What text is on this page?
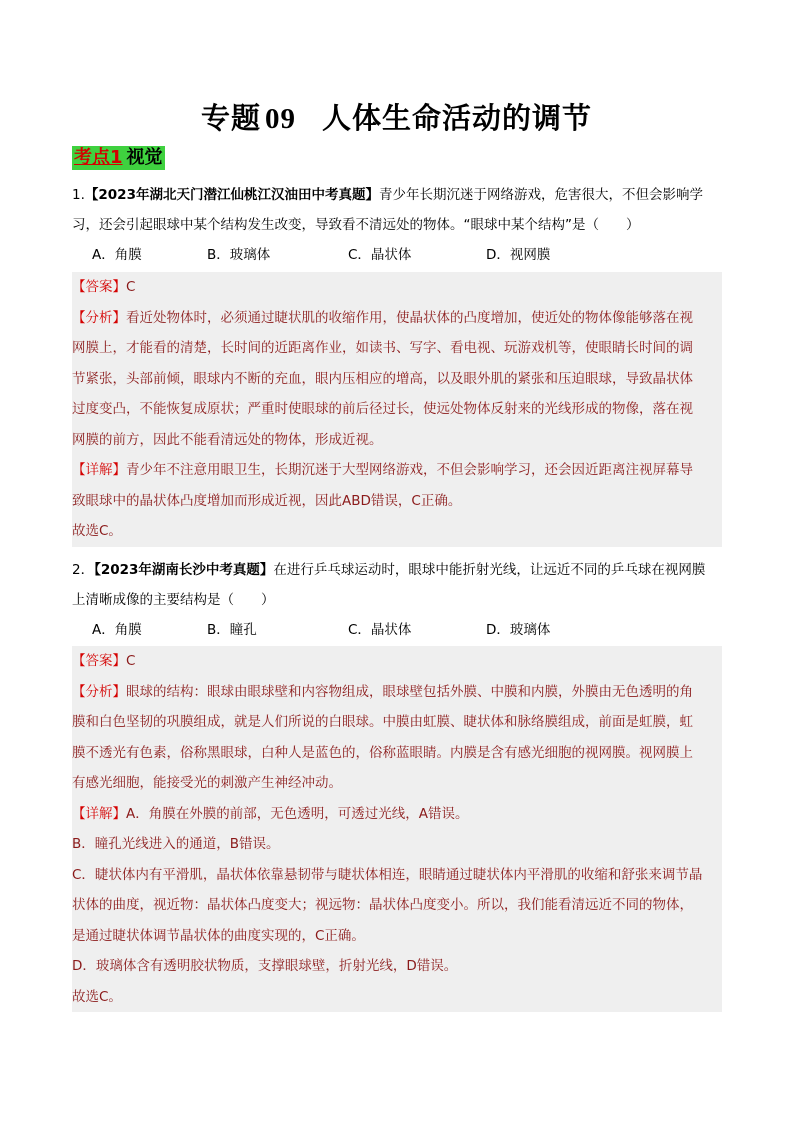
专题 09 人体生命活动的调节
考点1 视觉
1.【2023年湖北天门潜江仙桃江汉油田中考真题】青少年长期沉迷于网络游戏，危害很大，不但会影响学
习，还会引起眼球中某个结构发生改变，导致看不清远处的物体。“眼球中某个结构”是（　　）
A．角膜	B．玻璃体	C．晶状体	D．视网膜
【答案】C
【分析】看近处物体时，必须通过睫状肌的收缩作用，使晶状体的凸度增加，使近处的物体像能够落在视
网膜上，才能看的清楚，长时间的近距离作业，如读书、写字、看电视、玩游戏机等，使眼睛长时间的调
节紧张，头部前倾，眼球内不断的充血，眼内压相应的增高，以及眼外肌的紧张和压迫眼球，导致晶状体
过度变凸，不能恢复成原状；严重时使眼球的前后径过长，使远处物体反射来的光线形成的物像，落在视
网膜的前方，因此不能看清远处的物体，形成近视。
【详解】青少年不注意用眼卫生，长期沉迷于大型网络游戏，不但会影响学习，还会因近距离注视屏幕导
致眼球中的晶状体凸度增加而形成近视，因此ABD错误，C正确。
故选C。
2．【2023年湖南长沙中考真题】在进行乒乓球运动时，眼球中能折射光线，让远近不同的乒乓球在视网膜
上清晰成像的主要结构是（　　）
A．角膜	B．瞳孔	C．晶状体	D．玻璃体
【答案】C
【分析】眼球的结构：眼球由眼球壁和内容物组成，眼球壁包括外膜、中膜和内膜，外膜由无色透明的角
膜和白色坚韧的巩膜组成，就是人们所说的白眼球。中膜由虹膜、睫状体和脉络膜组成，前面是虹膜，虹
膜不透光有色素，俗称黑眼球，白种人是蓝色的，俗称蓝眼睛。内膜是含有感光细胞的视网膜。视网膜上
有感光细胞，能接受光的刺激产生神经冲动。
【详解】A．角膜在外膜的前部，无色透明，可透过光线，A错误。
B．瞳孔光线进入的通道，B错误。
C．睫状体内有平滑肌，晶状体依靠悬韧带与睫状体相连，眼睛通过睫状体内平滑肌的收缩和舒张来调节晶
状体的曲度，视近物：晶状体凸度变大；视远物：晶状体凸度变小。所以，我们能看清远近不同的物体，
是通过睫状体调节晶状体的曲度实现的，C正确。
D．玻璃体含有透明胶状物质，支撑眼球壁，折射光线，D错误。
故选C。
